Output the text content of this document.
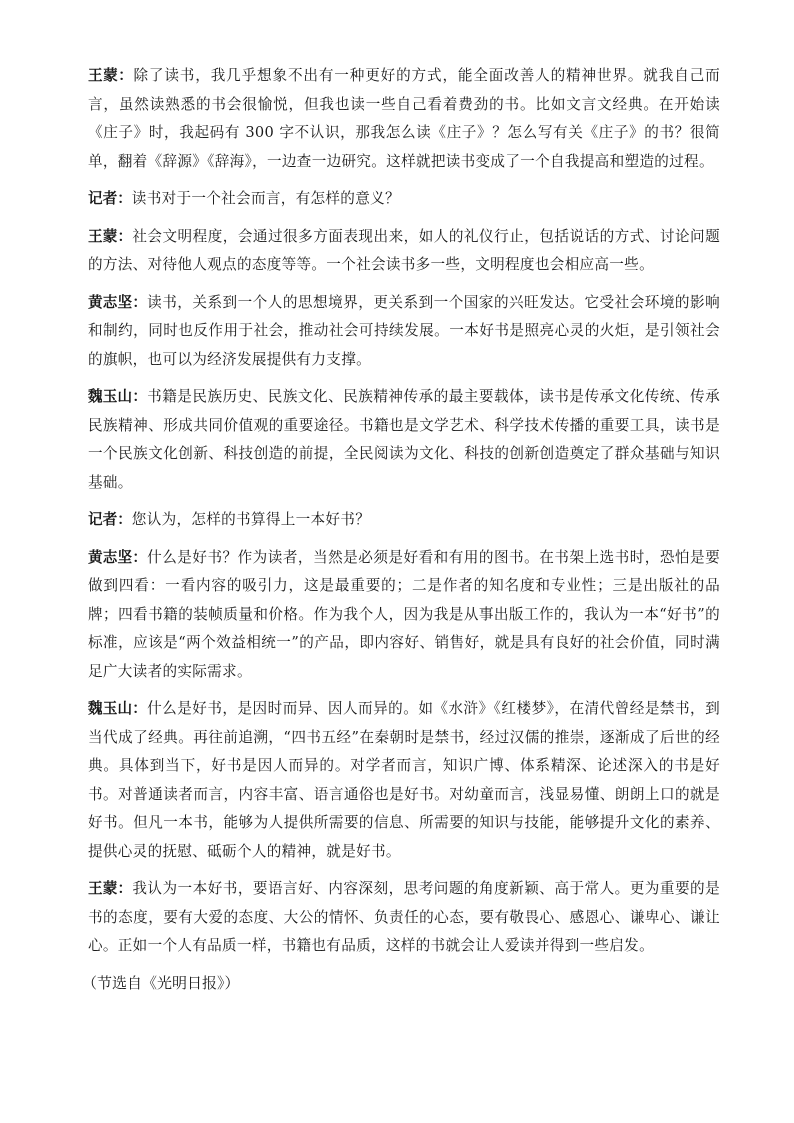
王蒙：除了读书，我几乎想象不出有一种更好的方式，能全面改善人的精神世界。就我自己而言，虽然读熟悉的书会很愉悦，但我也读一些自己看着费劲的书。比如文言文经典。在开始读《庄子》时，我起码有 300 字不认识，那我怎么读《庄子》？怎么写有关《庄子》的书？很简单，翻着《辞源》《辞海》，一边查一边研究。这样就把读书变成了一个自我提高和塑造的过程。

记者：读书对于一个社会而言，有怎样的意义？

王蒙：社会文明程度，会通过很多方面表现出来，如人的礼仪行止，包括说话的方式、讨论问题的方法、对待他人观点的态度等等。一个社会读书多一些，文明程度也会相应高一些。

黄志坚：读书，关系到一个人的思想境界，更关系到一个国家的兴旺发达。它受社会环境的影响和制约，同时也反作用于社会，推动社会可持续发展。一本好书是照亮心灵的火炬，是引领社会的旗帜，也可以为经济发展提供有力支撑。

魏玉山：书籍是民族历史、民族文化、民族精神传承的最主要载体，读书是传承文化传统、传承民族精神、形成共同价值观的重要途径。书籍也是文学艺术、科学技术传播的重要工具，读书是一个民族文化创新、科技创造的前提，全民阅读为文化、科技的创新创造奠定了群众基础与知识基础。

记者：您认为，怎样的书算得上一本好书？

黄志坚：什么是好书？作为读者，当然是必须是好看和有用的图书。在书架上选书时，恐怕是要做到四看：一看内容的吸引力，这是最重要的；二是作者的知名度和专业性；三是出版社的品牌；四看书籍的装帧质量和价格。作为我个人，因为我是从事出版工作的，我认为一本“好书”的标准，应该是“两个效益相统一”的产品，即内容好、销售好，就是具有良好的社会价值，同时满足广大读者的实际需求。

魏玉山：什么是好书，是因时而异、因人而异的。如《水浒》《红楼梦》，在清代曾经是禁书，到当代成了经典。再往前追溯，“四书五经”在秦朝时是禁书，经过汉儒的推崇，逐渐成了后世的经典。具体到当下，好书是因人而异的。对学者而言，知识广博、体系精深、论述深入的书是好书。对普通读者而言，内容丰富、语言通俗也是好书。对幼童而言，浅显易懂、朗朗上口的就是好书。但凡一本书，能够为人提供所需要的信息、所需要的知识与技能，能够提升文化的素养、提供心灵的抚慰、砥砺个人的精神，就是好书。

王蒙：我认为一本好书，要语言好、内容深刻，思考问题的角度新颖、高于常人。更为重要的是书的态度，要有大爱的态度、大公的情怀、负责任的心态，要有敬畏心、感恩心、谦卑心、谦让心。正如一个人有品质一样，书籍也有品质，这样的书就会让人爱读并得到一些启发。

（节选自《光明日报》）
